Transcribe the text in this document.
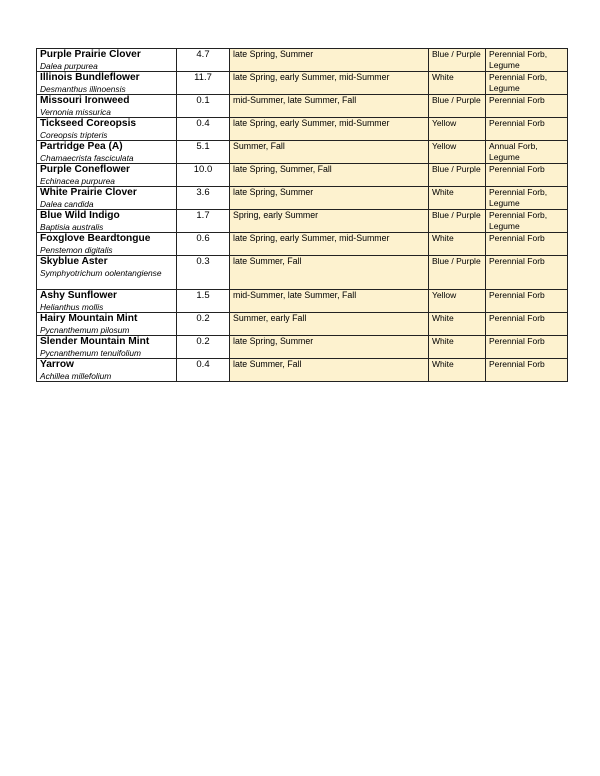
Purple Prairie Clover
Dalea purpurea	4.7	late Spring, Summer	Blue / Purple	Perennial Forb, Legume

Illinois Bundleflower
Desmanthus illinoensis	11.7	late Spring, early Summer, mid-Summer	White	Perennial Forb, Legume

Missouri Ironweed
Vernonia missurica	0.1	mid-Summer, late Summer, Fall	Blue / Purple	Perennial Forb

Tickseed Coreopsis
Coreopsis tripteris	0.4	late Spring, early Summer, mid-Summer	Yellow	Perennial Forb

Partridge Pea (A)
Chamaecrista fasciculata	5.1	Summer, Fall	Yellow	Annual Forb, Legume

Purple Coneflower
Echinacea purpurea	10.0	late Spring, Summer, Fall	Blue / Purple	Perennial Forb

White Prairie Clover
Dalea candida	3.6	late Spring, Summer	White	Perennial Forb, Legume

Blue Wild Indigo
Baptisia australis	1.7	Spring, early Summer	Blue / Purple	Perennial Forb, Legume

Foxglove Beardtongue
Penstemon digitalis	0.6	late Spring, early Summer, mid-Summer	White	Perennial Forb

Skyblue Aster
Symphyotrichum oolentangiense	0.3	late Summer, Fall	Blue / Purple	Perennial Forb

Ashy Sunflower
Helianthus mollis	1.5	mid-Summer, late Summer, Fall	Yellow	Perennial Forb

Hairy Mountain Mint
Pycnanthemum pilosum	0.2	Summer, early Fall	White	Perennial Forb

Slender Mountain Mint
Pycnanthemum tenuifolium	0.2	late Spring, Summer	White	Perennial Forb

Yarrow
Achillea millefolium	0.4	late Summer, Fall	White	Perennial Forb
